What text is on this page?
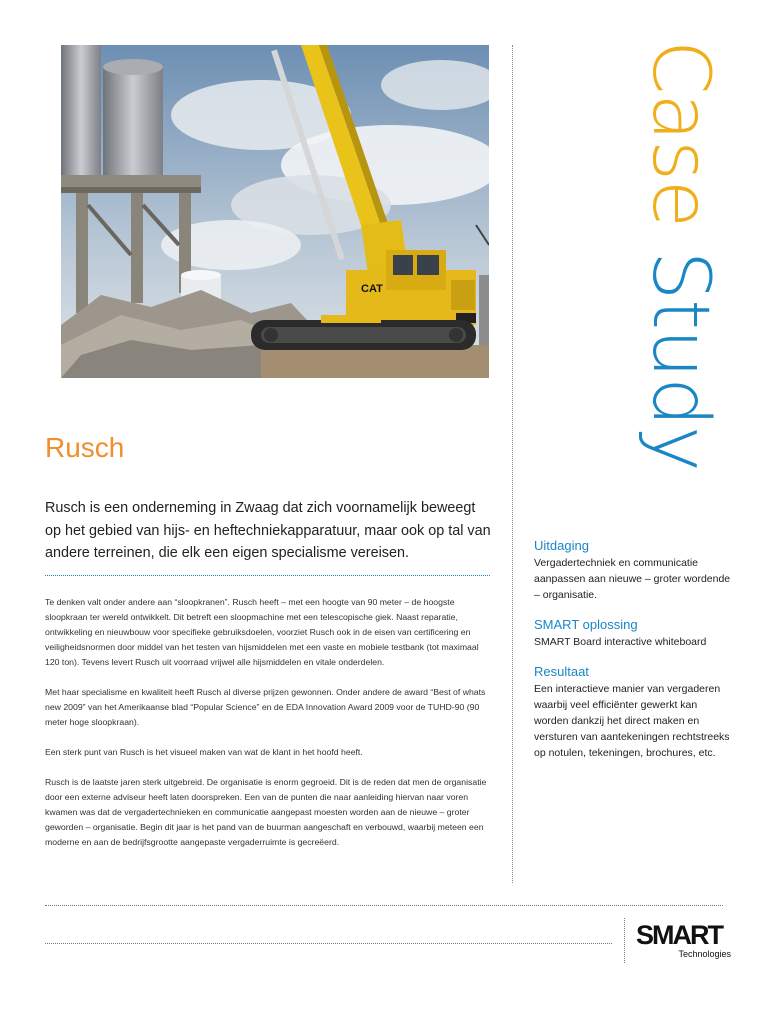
CAT
Case Study
Rusch

Rusch is een onderneming in Zwaag dat zich voornamelijk beweegt op het gebied van hijs- en heftechniekapparatuur, maar ook op tal van andere terreinen, die elk een eigen specialisme vereisen.

Te denken valt onder andere aan “sloopkranen”. Rusch heeft – met een hoogte van 90 meter – de hoogste sloopkraan ter wereld ontwikkelt. Dit betreft een sloopmachine met een telescopische giek. Naast reparatie, ontwikkeling en nieuwbouw voor specifieke gebruiksdoelen, voorziet Rusch ook in de eisen van certificering en veiligheidsnormen door middel van het testen van hijsmiddelen met een vaste en mobiele testbank (tot maximaal 120 ton). Tevens levert Rusch uit voorraad vrijwel alle hijsmiddelen en vitale onderdelen.

Met haar specialisme en kwaliteit heeft Rusch al diverse prijzen gewonnen. Onder andere de award “Best of whats new 2009” van het Amerikaanse blad “Popular Science” en de EDA Innovation Award 2009 voor de TUHD-90 (90 meter hoge sloopkraan).

Een sterk punt van Rusch is het visueel maken van wat de klant in het hoofd heeft.

Rusch is de laatste jaren sterk uitgebreid. De organisatie is enorm gegroeid. Dit is de reden dat men de organisatie door een externe adviseur heeft laten doorspreken. Een van de punten die naar aanleiding hiervan naar voren kwamen was dat de vergadertechnieken en communicatie aangepast moesten worden aan de nieuwe – groter geworden – organisatie. Begin dit jaar is het pand van de buurman aangeschaft en verbouwd, waarbij meteen een moderne en aan de bedrijfsgrootte aangepaste vergaderruimte is gecreëerd.

Uitdaging

Vergadertechniek en communicatie aanpassen aan nieuwe – groter wordende – organisatie.

SMART oplossing

SMART Board interactive whiteboard

Resultaat

Een interactieve manier van vergaderen waarbij veel efficiënter gewerkt kan worden dankzij het direct maken en versturen van aantekeningen rechtstreeks op notulen, tekeningen, brochures, etc.

SMART
Technologies
